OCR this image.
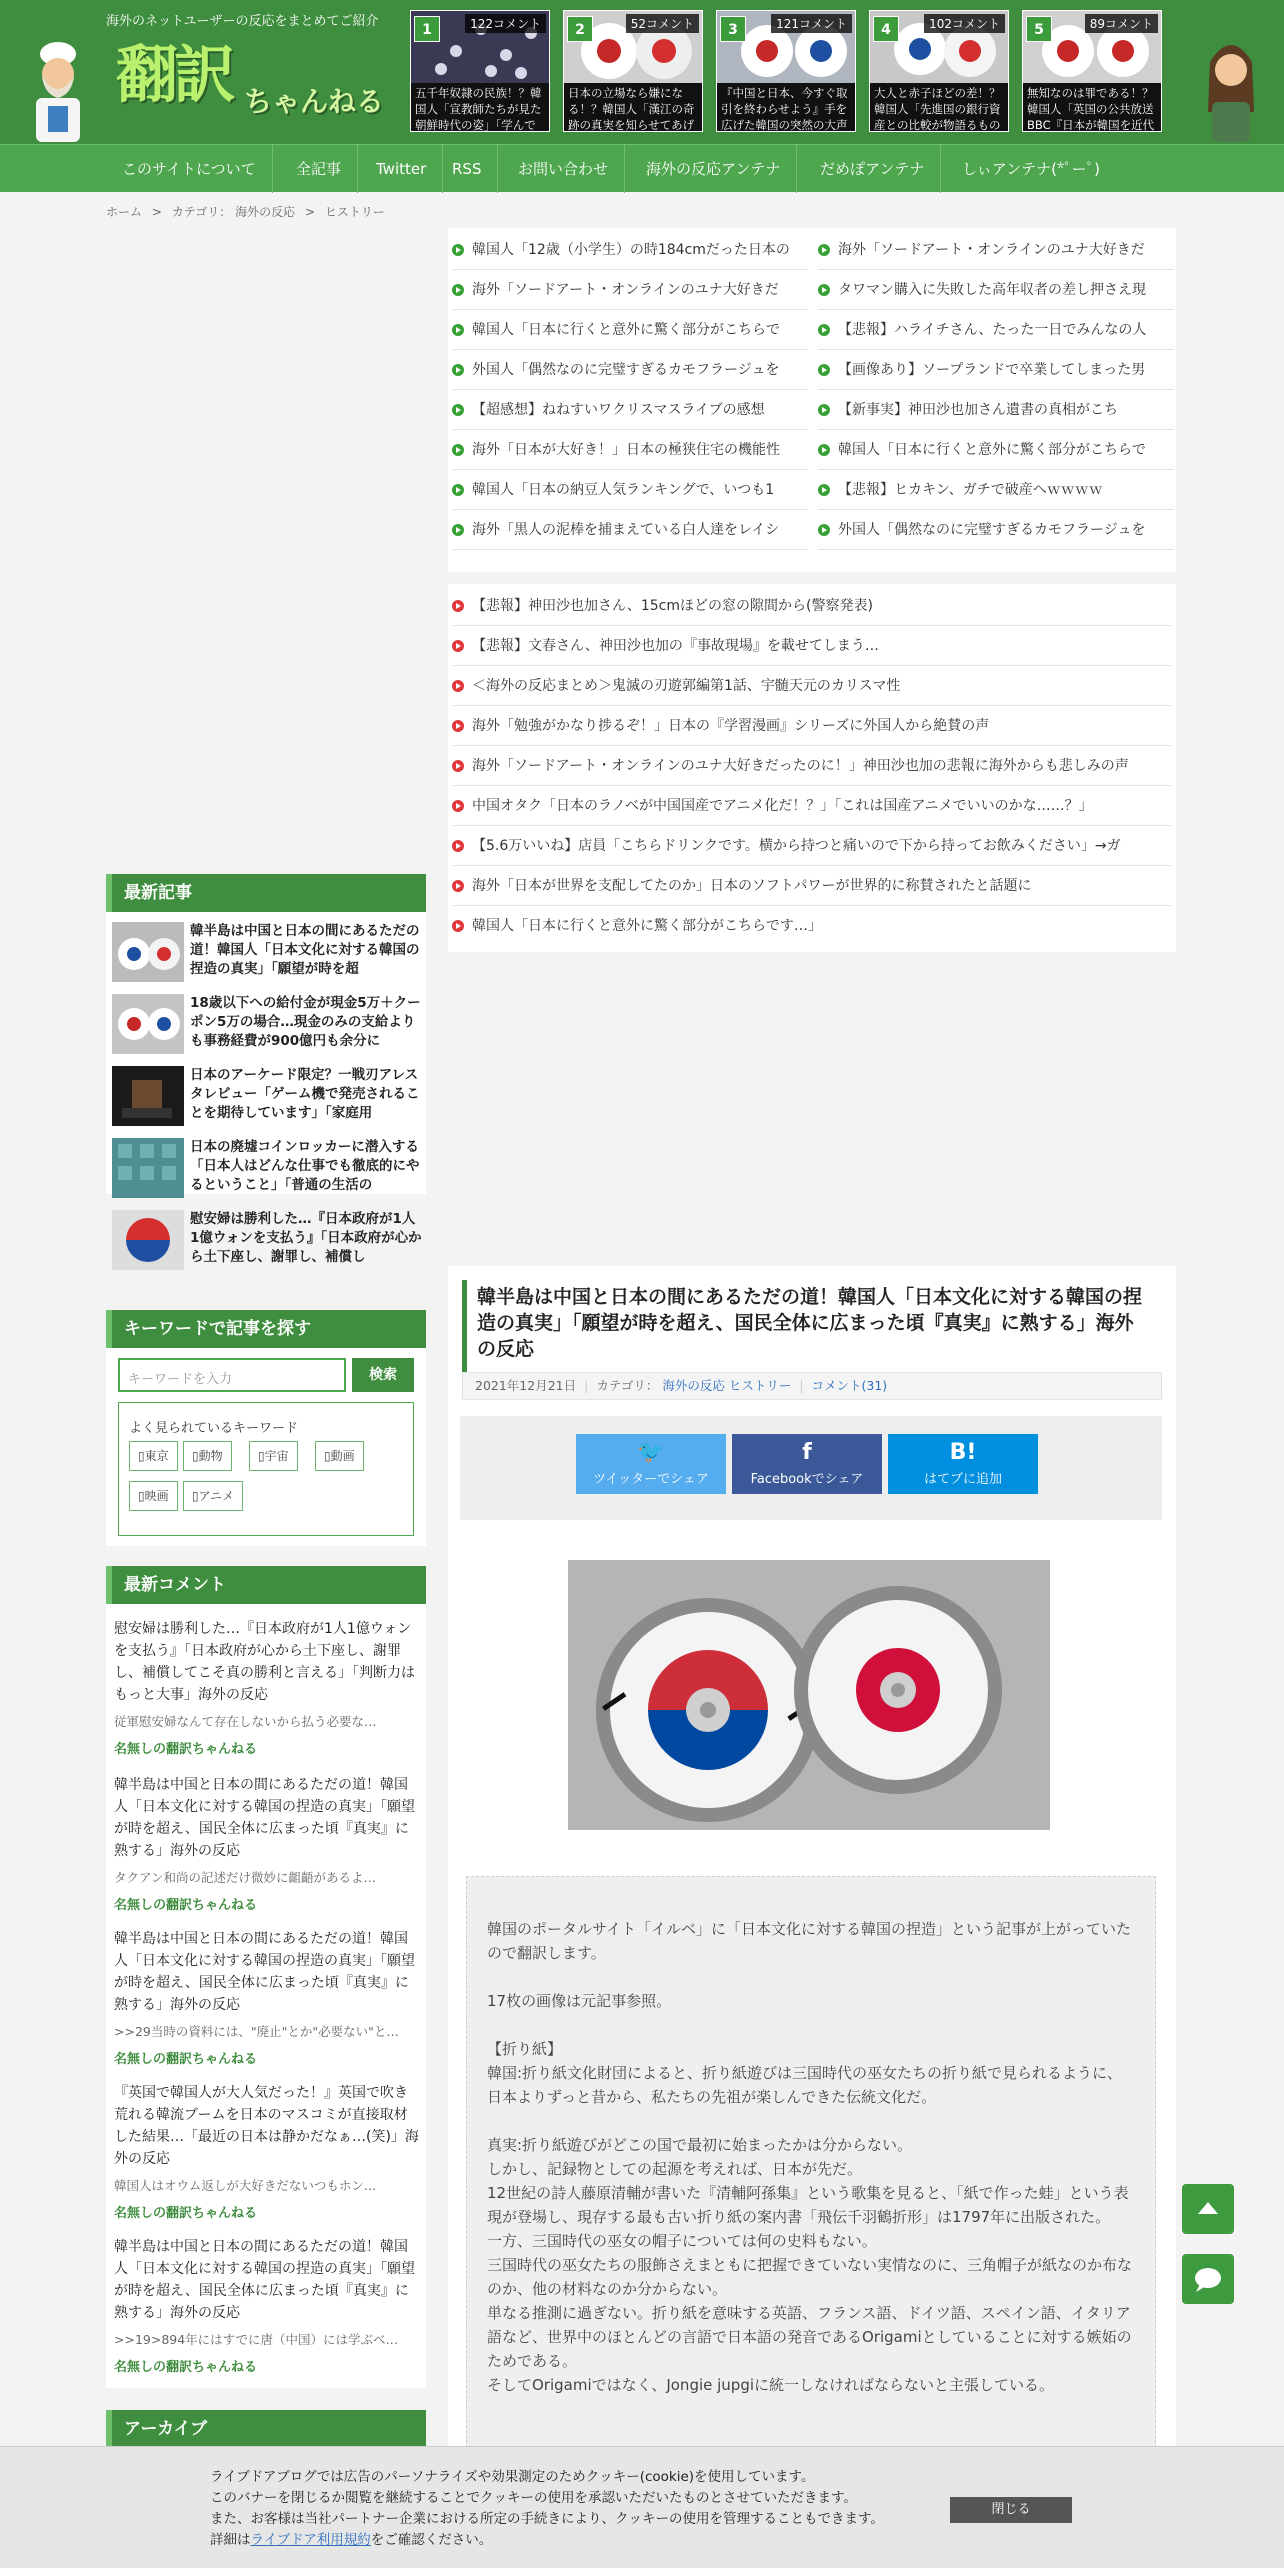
海外のネットユーザーの反応をまとめてご紹介
翻訳 ちゃんねる
1	122コメント
五千年奴隷の民族！？韓国人「宣教師たちが見た朝鮮時代の姿」「学んで
2	52コメント
日本の立場なら嫌になる！？韓国人「漢江の奇跡の真実を知らせてあげ
3	121コメント
『中国と日本、今すぐ取引を終わらせよう』手を広げた韓国の突然の大声
4	102コメント
大人と赤子ほどの差！？韓国人「先進国の銀行資産との比較が物語るもの
5	89コメント
無知なのは罪である！？韓国人「英国の公共放送BBC『日本が韓国を近代
このサイトについて	全記事	Twitter	RSS	お問い合わせ	海外の反応アンテナ	だめぽアンテナ	しぃアンテナ(*ﾟーﾟ)
ホーム > カテゴリ： 海外の反応 > ヒストリー
韓国人「12歳（小学生）の時184cmだった日本の	海外「ソードアート・オンラインのユナ大好きだ
海外「ソードアート・オンラインのユナ大好きだ	タワマン購入に失敗した高年収者の差し押さえ現
韓国人「日本に行くと意外に驚く部分がこちらで	【悲報】ハライチさん、たった一日でみんなの人
外国人「偶然なのに完璧すぎるカモフラージュを	【画像あり】ソープランドで卒業してしまった男
【超感想】ねねすいワクリスマスライブの感想	【新事実】神田沙也加さん遺書の真相がこち
海外「日本が大好き！」日本の極狭住宅の機能性	韓国人「日本に行くと意外に驚く部分がこちらで
韓国人「日本の納豆人気ランキングで、いつも1	【悲報】ヒカキン、ガチで破産へｗｗｗｗ
海外「黒人の泥棒を捕まえている白人達をレイシ	外国人「偶然なのに完璧すぎるカモフラージュを
【悲報】神田沙也加さん、15cmほどの窓の隙間から(警察発表)
【悲報】文春さん、神田沙也加の『事故現場』を載せてしまう…
＜海外の反応まとめ＞鬼滅の刃遊郭編第1話、宇髄天元のカリスマ性
海外「勉強がかなり捗るぞ！」日本の『学習漫画』シリーズに外国人から絶賛の声
海外「ソードアート・オンラインのユナ大好きだったのに！」神田沙也加の悲報に海外からも悲しみの声
中国オタク「日本のラノベが中国国産でアニメ化だ！？」「これは国産アニメでいいのかな……？」
【5.6万いいね】店員「こちらドリンクです。横から持つと痛いので下から持ってお飲みください」→ガ
海外「日本が世界を支配してたのか」日本のソフトパワーが世界的に称賛されたと話題に
韓国人「日本に行くと意外に驚く部分がこちらです…」
最新記事
韓半島は中国と日本の間にあるただの道！韓国人「日本文化に対する韓国の捏造の真実」「願望が時を超
18歳以下への給付金が現金5万＋クーポン5万の場合…現金のみの支給よりも事務経費が900億円も余分に
日本のアーケード限定？一戦刃アレスタレビュー「ゲーム機で発売されることを期待しています」「家庭用
日本の廃墟コインロッカーに潜入する「日本人はどんな仕事でも徹底的にやるということ」「普通の生活の
慰安婦は勝利した…『日本政府が1人1億ウォンを支払う』「日本政府が心から土下座し、謝罪し、補償し
キーワードで記事を探す
キーワードを入力	検索
よく見られているキーワード
▯東京	▯動物	▯宇宙	▯動画
▯映画	▯アニメ
最新コメント
慰安婦は勝利した…『日本政府が1人1億ウォンを支払う』「日本政府が心から土下座し、謝罪し、補償してこそ真の勝利と言える」「判断力はもっと大事」海外の反応
従軍慰安婦なんて存在しないから払う必要な…
名無しの翻訳ちゃんねる
韓半島は中国と日本の間にあるただの道！韓国人「日本文化に対する韓国の捏造の真実」「願望が時を超え、国民全体に広まった頃『真実』に熟する」海外の反応
タクアン和尚の記述だけ微妙に齟齬があるよ…
名無しの翻訳ちゃんねる
韓半島は中国と日本の間にあるただの道！韓国人「日本文化に対する韓国の捏造の真実」「願望が時を超え、国民全体に広まった頃『真実』に熟する」海外の反応
>>29当時の資料には、"廃止"とか"必要ない"と…
名無しの翻訳ちゃんねる
『英国で韓国人が大人気だった！』英国で吹き荒れる韓流ブームを日本のマスコミが直接取材した結果…「最近の日本は静かだなぁ…(笑)」海外の反応
韓国人はオウム返しが大好きだないつもホン…
名無しの翻訳ちゃんねる
韓半島は中国と日本の間にあるただの道！韓国人「日本文化に対する韓国の捏造の真実」「願望が時を超え、国民全体に広まった頃『真実』に熟する」海外の反応
>>19>894年にはすでに唐（中国）には学ぶべ…
名無しの翻訳ちゃんねる
アーカイブ
韓半島は中国と日本の間にあるただの道！韓国人「日本文化に対する韓国の捏造の真実」「願望が時を超え、国民全体に広まった頃『真実』に熟する」海外の反応
2021年12月21日 | カテゴリ： 海外の反応 ヒストリー | コメント(31)
🐦
ツイッターでシェア
f
Facebookでシェア
B!
はてブに追加

韓国のポータルサイト「イルベ」に「日本文化に対する韓国の捏造」という記事が上がっていたので翻訳します。

17枚の画像は元記事参照。

【折り紙】

韓国:折り紙文化財団によると、折り紙遊びは三国時代の巫女たちの折り紙で見られるように、日本よりずっと昔から、私たちの先祖が楽しんできた伝統文化だ。

真実:折り紙遊びがどこの国で最初に始まったかは分からない。

しかし、記録物としての起源を考えれば、日本が先だ。

12世紀の詩人藤原清輔が書いた『清輔阿孫集』という歌集を見ると、「紙で作った蛙」という表現が登場し、現存する最も古い折り紙の案内書「飛伝千羽鶴折形」は1797年に出版された。

一方、三国時代の巫女の帽子については何の史料もない。

三国時代の巫女たちの服飾さえまともに把握できていない実情なのに、三角帽子が紙なのか布なのか、他の材料なのか分からない。

単なる推測に過ぎない。折り紙を意味する英語、フランス語、ドイツ語、スペイン語、イタリア語など、世界中のほとんどの言語で日本語の発音であるOrigamiとしていることに対する嫉妬のためである。

そしてOrigamiではなく、Jongie jupgiに統一しなければならないと主張している。

ライブドアブログでは広告のパーソナライズや効果測定のためクッキー(cookie)を使用しています。
このバナーを閉じるか閲覧を継続することでクッキーの使用を承認いただいたものとさせていただきます。
また、お客様は当社パートナー企業における所定の手続きにより、クッキーの使用を管理することもできます。
詳細はライブドア利用規約をご確認ください。
閉じる
